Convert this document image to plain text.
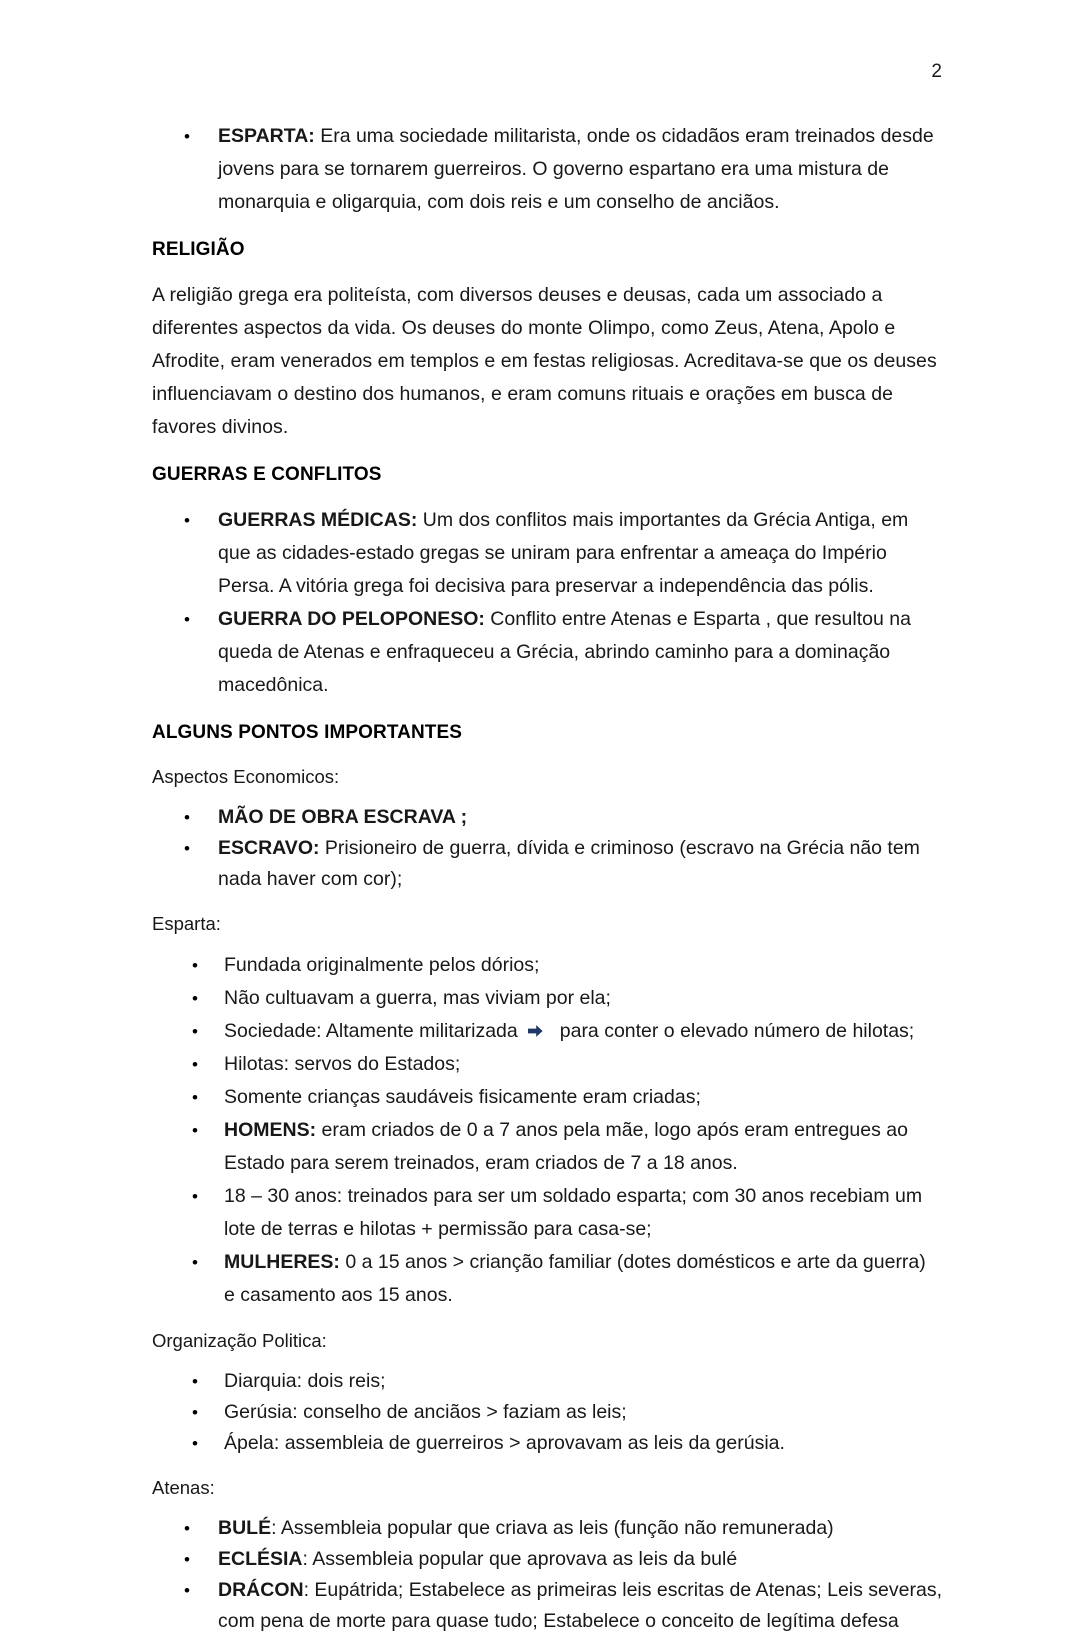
2
• ESPARTA: Era uma sociedade militarista, onde os cidadãos eram treinados desde jovens para se tornarem guerreiros. O governo espartano era uma mistura de monarquia e oligarquia, com dois reis e um conselho de anciãos.
RELIGIÃO

A religião grega era politeísta, com diversos deuses e deusas, cada um associado a diferentes aspectos da vida. Os deuses do monte Olimpo, como Zeus, Atena, Apolo e Afrodite, eram venerados em templos e em festas religiosas. Acreditava-se que os deuses influenciavam o destino dos humanos, e eram comuns rituais e orações em busca de favores divinos.

GUERRAS E CONFLITOS
• GUERRAS MÉDICAS: Um dos conflitos mais importantes da Grécia Antiga, em que as cidades-estado gregas se uniram para enfrentar a ameaça do Império Persa. A vitória grega foi decisiva para preservar a independência das pólis.
• GUERRA DO PELOPONESO: Conflito entre Atenas e Esparta , que resultou na queda de Atenas e enfraqueceu a Grécia, abrindo caminho para a dominação macedônica.
ALGUNS PONTOS IMPORTANTES
Aspectos Economicos:
• MÃO DE OBRA ESCRAVA ;
• ESCRAVO: Prisioneiro de guerra, dívida e criminoso (escravo na Grécia não tem nada haver com cor);
Esparta:
• Fundada originalmente pelos dórios;
• Não cultuavam a guerra, mas viviam por ela;
• Sociedade: Altamente militarizada para conter o elevado número de hilotas;
• Hilotas: servos do Estados;
• Somente crianças saudáveis fisicamente eram criadas;
• HOMENS: eram criados de 0 a 7 anos pela mãe, logo após eram entregues ao Estado para serem treinados, eram criados de 7 a 18 anos.
• 18 – 30 anos: treinados para ser um soldado esparta; com 30 anos recebiam um lote de terras e hilotas + permissão para casa-se;
• MULHERES: 0 a 15 anos > crianção familiar (dotes domésticos e arte da guerra) e casamento aos 15 anos.
Organização Politica:
• Diarquia: dois reis;
• Gerúsia: conselho de anciãos > faziam as leis;
• Ápela: assembleia de guerreiros > aprovavam as leis da gerúsia.
Atenas:
• BULÉ: Assembleia popular que criava as leis (função não remunerada)
• ECLÉSIA: Assembleia popular que aprovava as leis da bulé
• DRÁCON: Eupátrida; Estabelece as primeiras leis escritas de Atenas; Leis severas, com pena de morte para quase tudo; Estabelece o conceito de legítima defesa
